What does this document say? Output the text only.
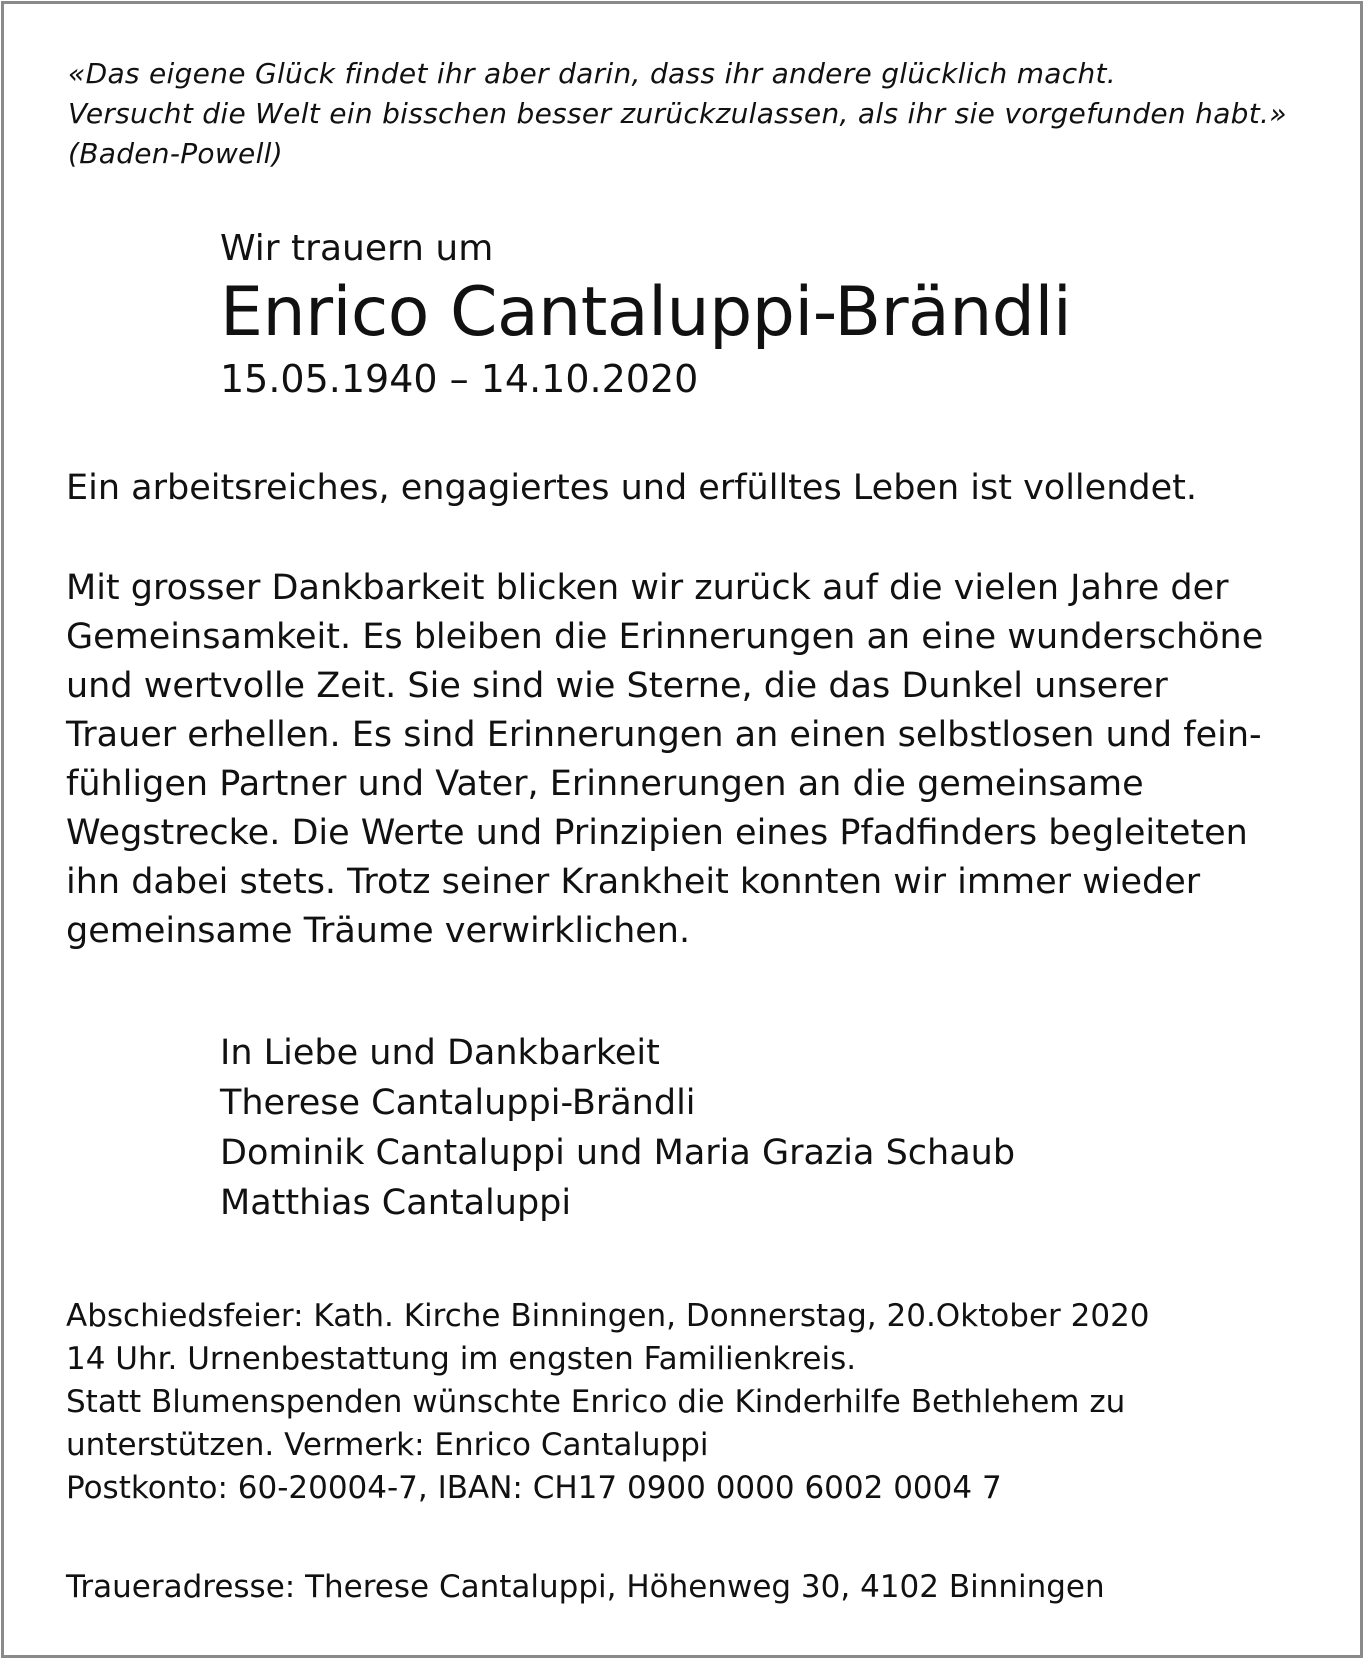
«Das eigene Glück findet ihr aber darin, dass ihr andere glücklich macht.
Versucht die Welt ein bisschen besser zurückzulassen, als ihr sie vorgefunden habt.»
(Baden-Powell)
Wir trauern um
Enrico Cantaluppi-Brändli
15.05.1940 – 14.10.2020
Ein arbeitsreiches, engagiertes und erfülltes Leben ist vollendet.
Mit grosser Dankbarkeit blicken wir zurück auf die vielen Jahre der
Gemeinsamkeit. Es bleiben die Erinnerungen an eine wunderschöne
und wertvolle Zeit. Sie sind wie Sterne, die das Dunkel unserer
Trauer erhellen. Es sind Erinnerungen an einen selbstlosen und fein-
fühligen Partner und Vater, Erinnerungen an die gemeinsame
Wegstrecke. Die Werte und Prinzipien eines Pfadfinders begleiteten
ihn dabei stets. Trotz seiner Krankheit konnten wir immer wieder
gemeinsame Träume verwirklichen.
In Liebe und Dankbarkeit
Therese Cantaluppi-Brändli
Dominik Cantaluppi und Maria Grazia Schaub
Matthias Cantaluppi
Abschiedsfeier: Kath. Kirche Binningen, Donnerstag, 20.Oktober 2020
14 Uhr. Urnenbestattung im engsten Familienkreis.
Statt Blumenspenden wünschte Enrico die Kinderhilfe Bethlehem zu
unterstützen. Vermerk: Enrico Cantaluppi
Postkonto: 60-20004-7, IBAN: CH17 0900 0000 6002 0004 7
Traueradresse: Therese Cantaluppi, Höhenweg 30, 4102 Binningen
